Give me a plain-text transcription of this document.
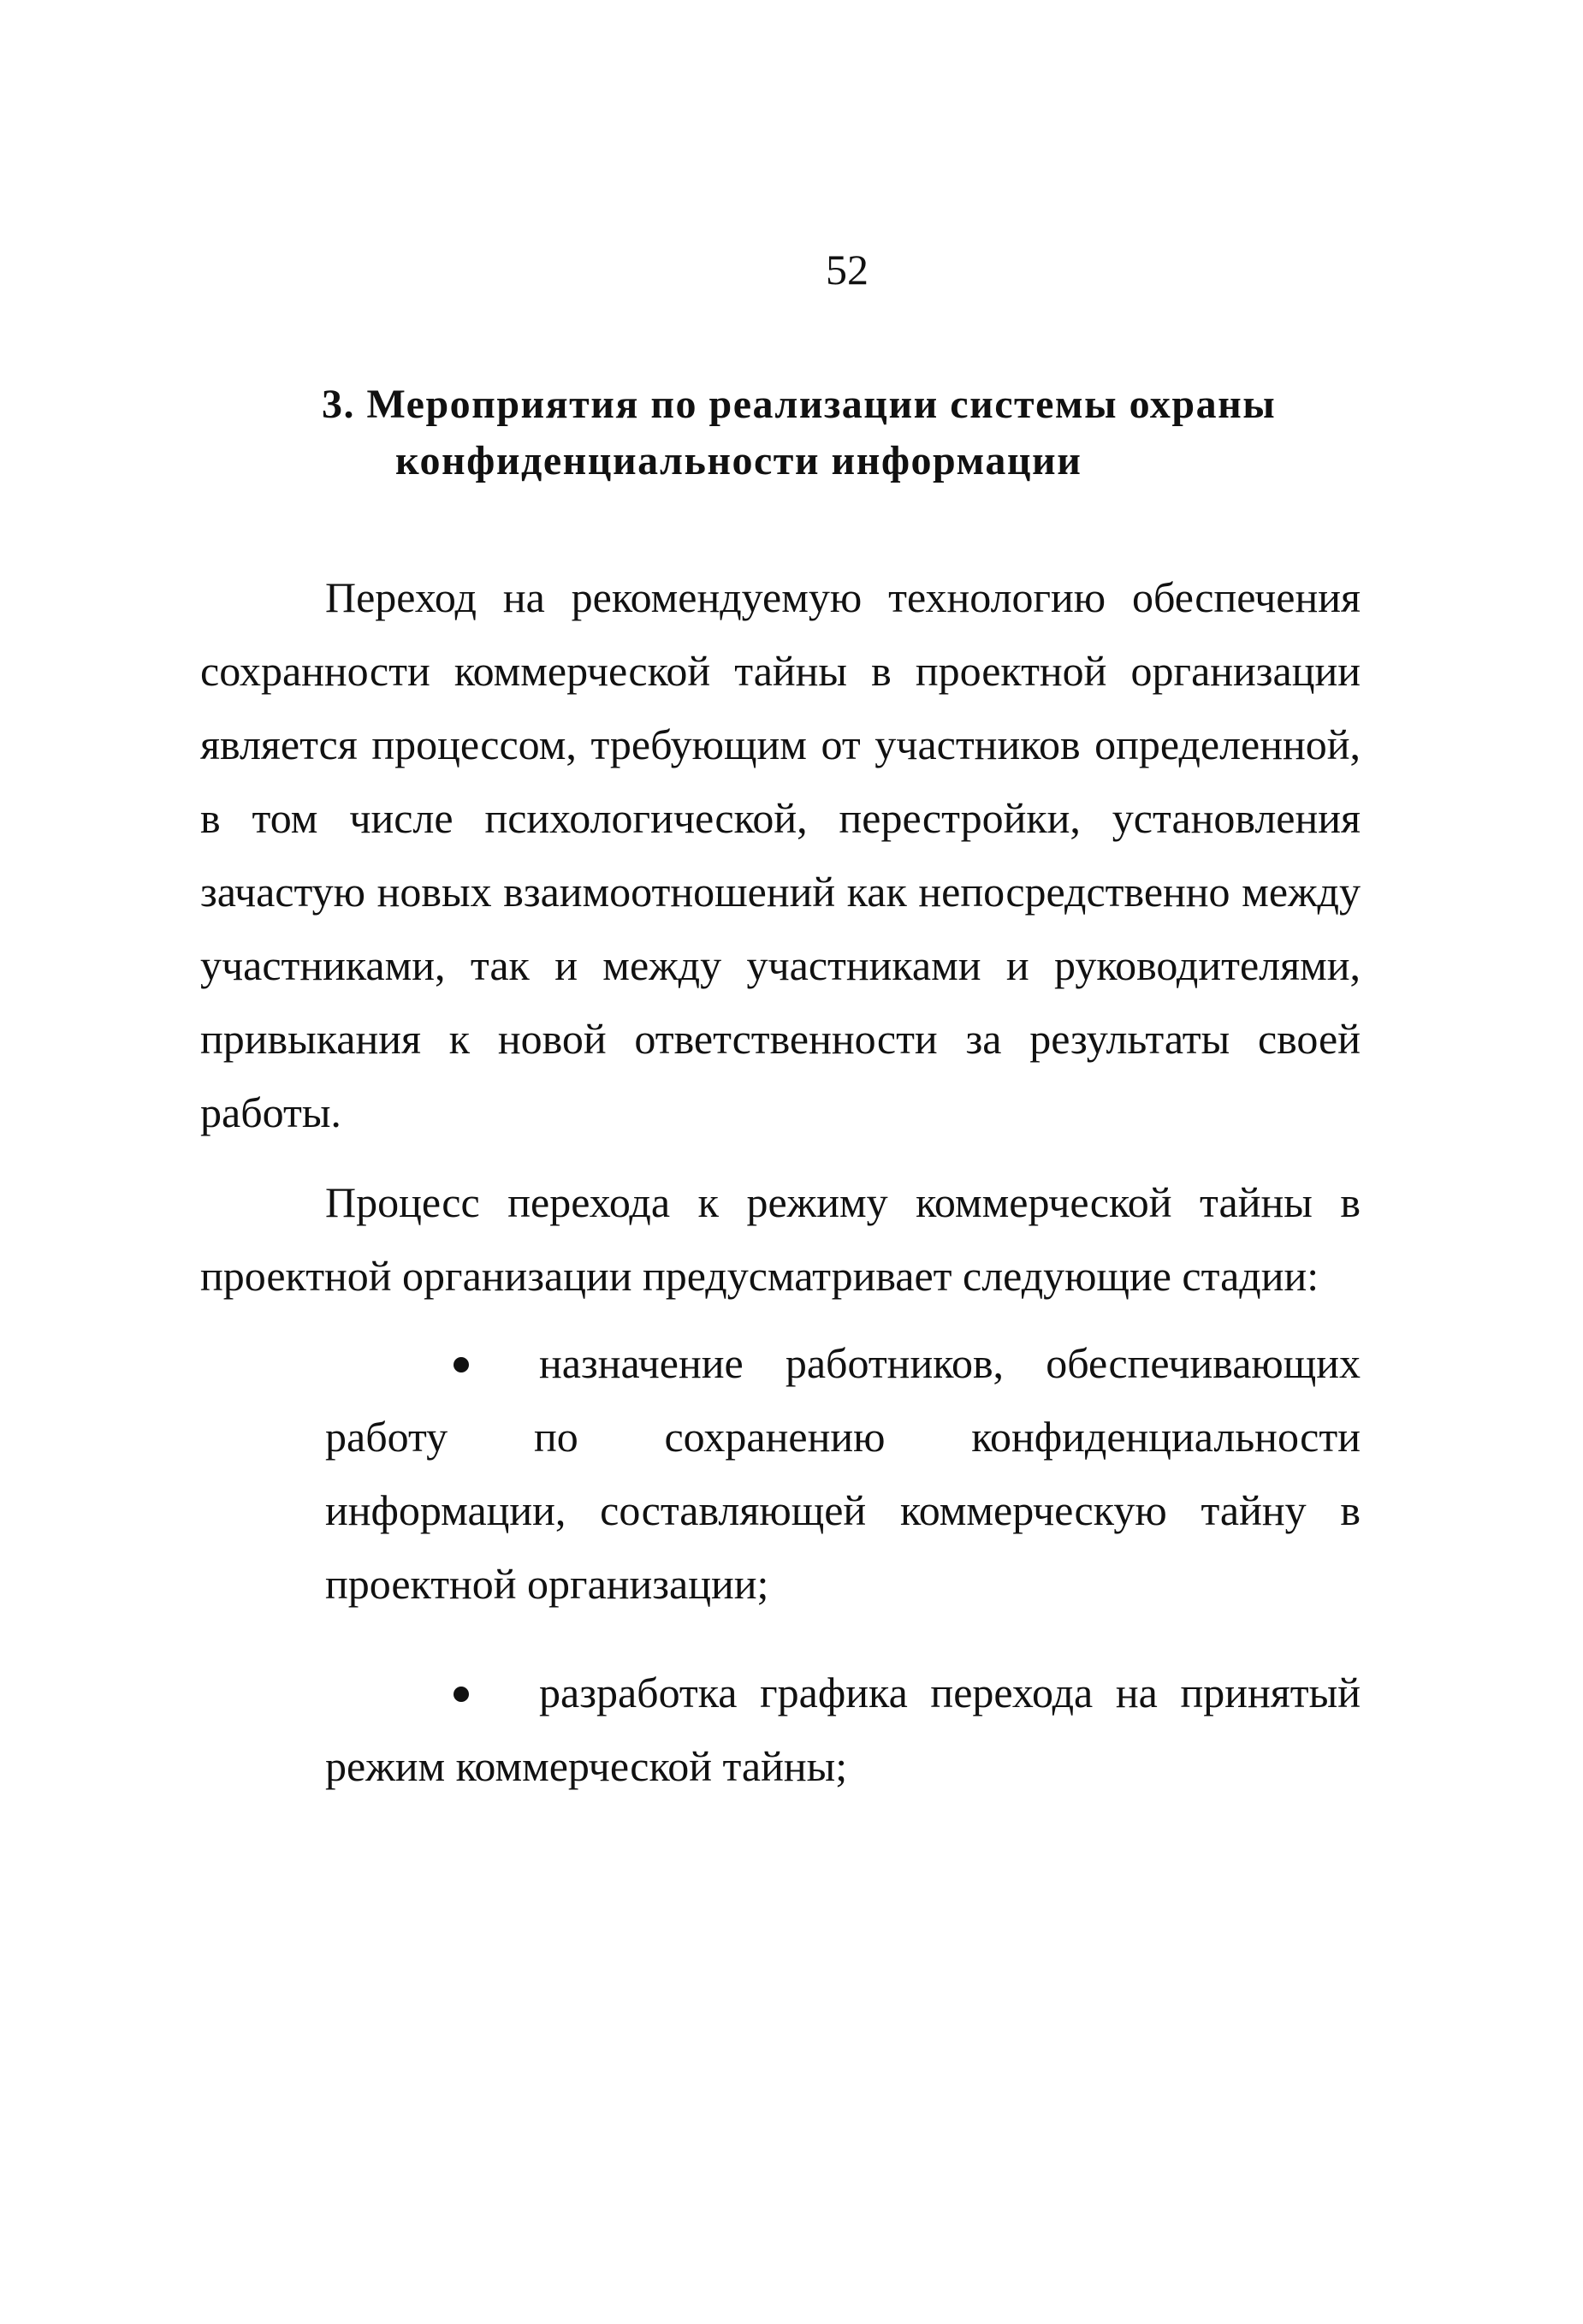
52
3. Мероприятия по реализации системы охраны
конфиденциальности информации

Переход на рекомендуемую технологию обеспечения сохранности коммерческой тайны в проектной организации является процессом, требующим от участников определенной, в том числе психологической, перестройки, установления зачастую новых взаимоотношений как непосредственно между участниками, так и между участниками и руководителями, привыкания к новой ответственности за результаты своей работы.

Процесс перехода к режиму коммерческой тайны в проектной организации предусматривает следующие стадии:

назначение работников, обеспечивающих работу по сохранению конфиденциальности информации, составляющей коммерческую тайну в проектной организации;
разработка графика перехода на принятый режим коммерческой тайны;
